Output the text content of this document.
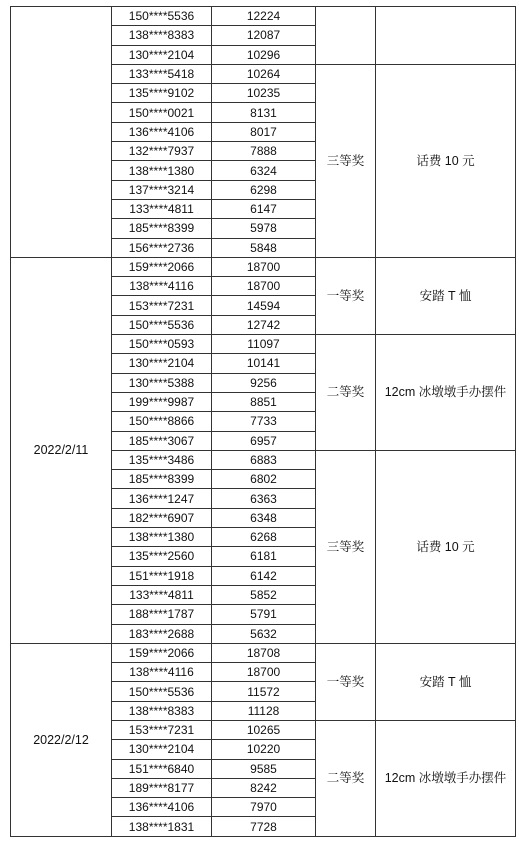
	150****5536	12224		
	138****8383	12087		
	130****2104	10296		
	133****5418	10264	三等奖	话费 10 元
	135****9102	10235		
	150****0021	8131		
	136****4106	8017		
	132****7937	7888		
	138****1380	6324		
	137****3214	6298		
	133****4811	6147		
	185****8399	5978		
	156****2736	5848		
2022/2/11	159****2066	18700	一等奖	安踏 T 恤
	138****4116	18700		
	153****7231	14594		
	150****5536	12742		
	150****0593	11097	二等奖	12cm 冰墩墩手办摆件
	130****2104	10141		
	130****5388	9256		
	199****9987	8851		
	150****8866	7733		
	185****3067	6957		
	135****3486	6883	三等奖	话费 10 元
	185****8399	6802		
	136****1247	6363		
	182****6907	6348		
	138****1380	6268		
	135****2560	6181		
	151****1918	6142		
	133****4811	5852		
	188****1787	5791		
	183****2688	5632		
2022/2/12	159****2066	18708	一等奖	安踏 T 恤
	138****4116	18700		
	150****5536	11572		
	138****8383	11128		
	153****7231	10265	二等奖	12cm 冰墩墩手办摆件
	130****2104	10220		
	151****6840	9585		
	189****8177	8242		
	136****4106	7970		
	138****1831	7728		
